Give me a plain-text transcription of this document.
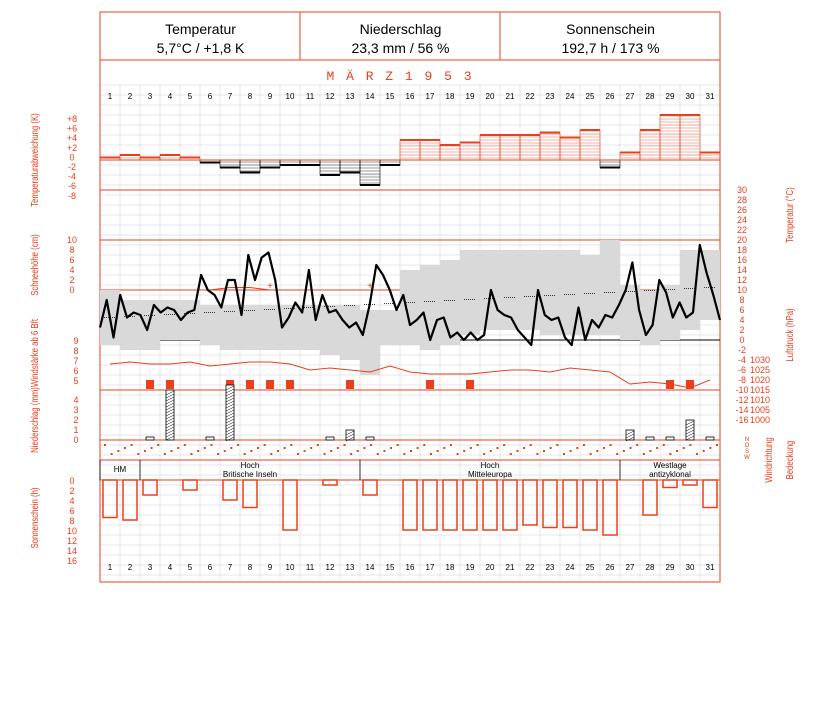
M Ä R Z 1 9 5 3
1
1
2
2
3
3
4
4
5
5
6
6
7
7
8
8
9
9
10
10
11
11
12
12
13
13
14
14
15
15
16
16
17
17
18
18
19
19
20
20
21
21
22
22
23
23
24
24
25
25
26
26
27
27
28
28
29
29
30
30
31
31
Temperaturabweichung (K)
Schneehöhe (cm)
Windstärke ab 6 Bft
Niederschlag (mm)
Sonnenschein (h)
Temperatur (°C)
Luftdruck (hPa)
Windrichtung Bedeckung
+8
+6
+4
+2
0
-2
-4
-6
-8
10
8
6
4
2
0
9
8
7
6
5
4
3
2
1
0
0
2
4
6
8
10
12
14
16
30
28
26
24
22
20
18
16
14
12
10
8
6
4
2
0
-2
-4
-6
-8
-10
-12
-14
-16
1030
1025
1020
1015
1010
1005
1000
N
O
S
W
+	+
HM	Hoch
Britische Inseln
Hoch
Mitteleuropa
Westlage
antizyklonal
Temperatur
5,7°C / +1,8 K
Niederschlag
23,3 mm / 56 %
Sonnenschein
192,7 h / 173 %
